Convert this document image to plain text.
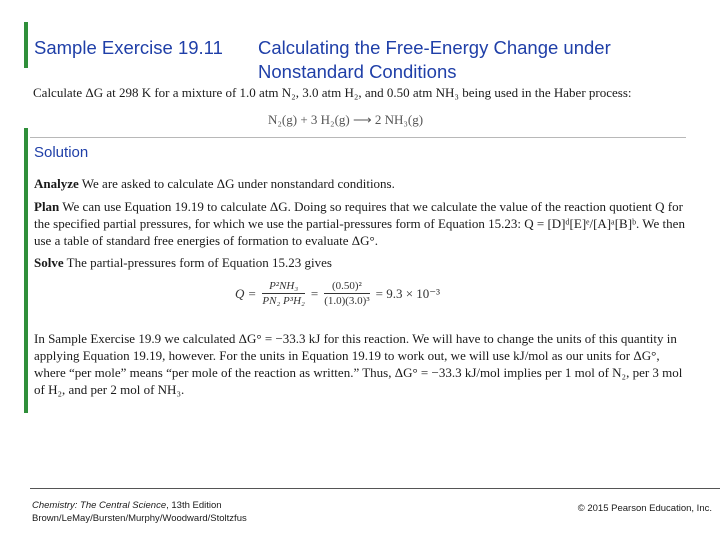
Sample Exercise 19.11 Calculating the Free-Energy Change under
Nonstandard Conditions
Calculate ΔG at 298 K for a mixture of 1.0 atm N₂, 3.0 atm H₂, and 0.50 atm NH₃ being used in the Haber process:
N₂(g) + 3 H₂(g) ⟶ 2 NH₃(g)
Solution
Analyze We are asked to calculate ΔG under nonstandard conditions.
Plan We can use Equation 19.19 to calculate ΔG. Doing so requires that we calculate the value of the reaction quotient Q for the specified partial pressures, for which we use the partial-pressures form of Equation 15.23: Q = [D]ᵈ[E]ᵉ/[A]ᵃ[B]ᵇ. We then use a table of standard free energies of formation to evaluate ΔG°.
Solve The partial-pressures form of Equation 15.23 gives
$Q = \frac{\text{P²NH₃}}{\text{PN₂ P³H₂}} = \frac{\text{(0.50)²}}{\text{(1.0)(3.0)³}} = 9.3 \times 10^{-3}$
In Sample Exercise 19.9 we calculated ΔG° = −33.3 kJ for this reaction. We will have to change the units of this quantity in applying Equation 19.19, however. For the units in Equation 19.19 to work out, we will use kJ/mol as our units for ΔG°, where “per mole” means “per mole of the reaction as written.” Thus, ΔG° = −33.3 kJ/mol implies per 1 mol of N₂, per 3 mol of H₂, and per 2 mol of NH₃.
Chemistry: The Central Science, 13th Edition
Brown/LeMay/Bursten/Murphy/Woodward/Stoltzfus
© 2015 Pearson Education, Inc.
